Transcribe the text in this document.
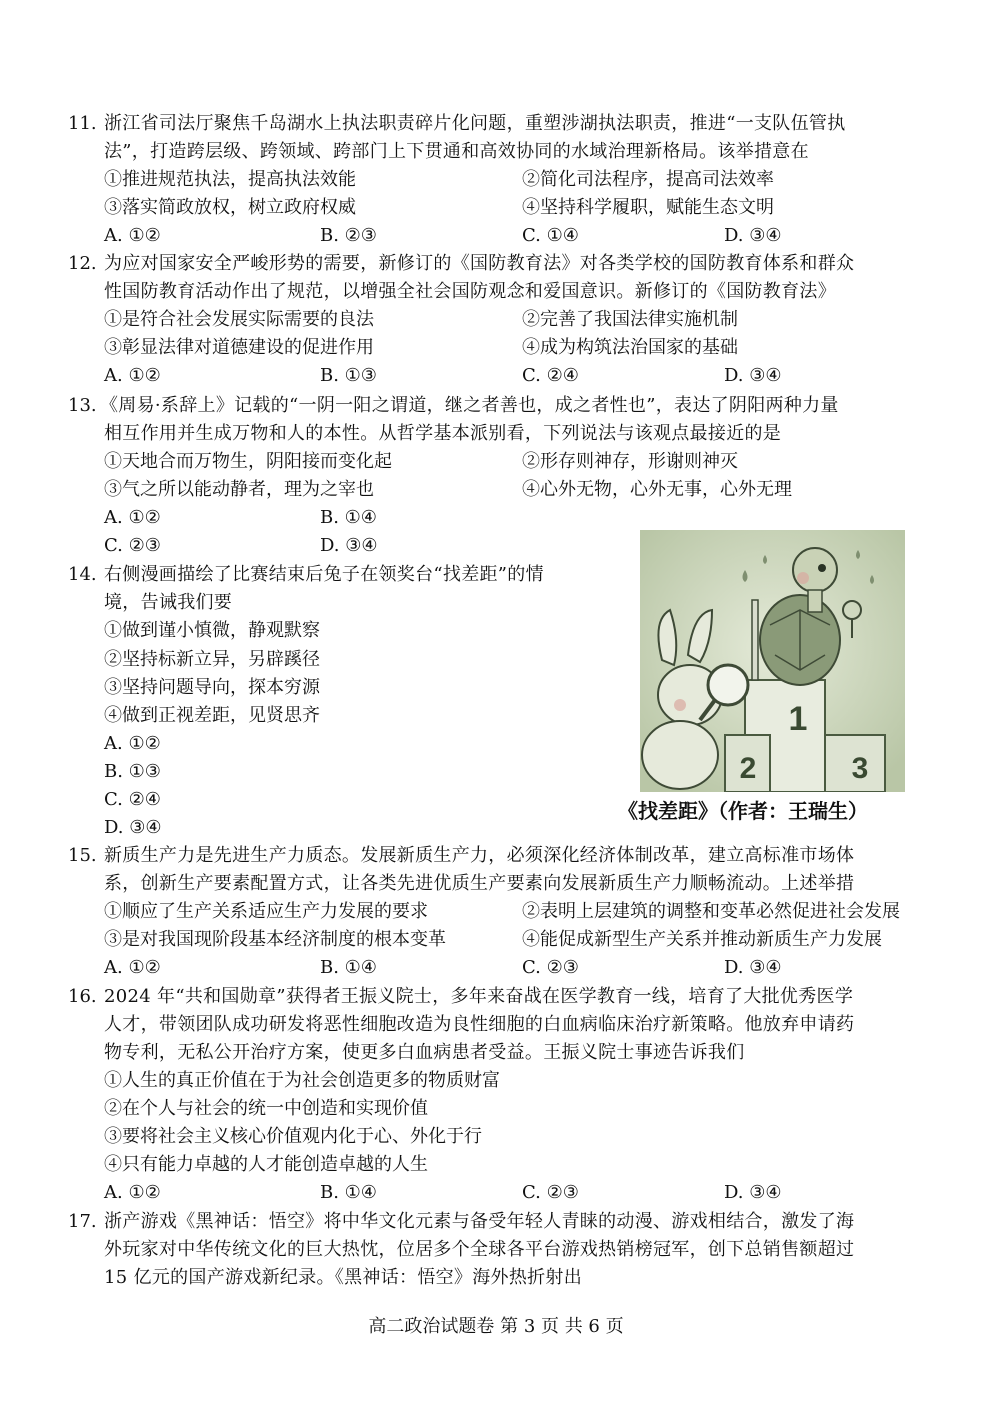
11. 浙江省司法厅聚焦千岛湖水上执法职责碎片化问题，重塑涉湖执法职责，推进“一支队伍管执
法”，打造跨层级、跨领域、跨部门上下贯通和高效协同的水域治理新格局。该举措意在
①推进规范执法，提高执法效能	②简化司法程序，提高司法效率
③落实简政放权，树立政府权威	④坚持科学履职，赋能生态文明
A. ①②	B. ②③	C. ①④	D. ③④
12. 为应对国家安全严峻形势的需要，新修订的《国防教育法》对各类学校的国防教育体系和群众
性国防教育活动作出了规范，以增强全社会国防观念和爱国意识。新修订的《国防教育法》
①是符合社会发展实际需要的良法	②完善了我国法律实施机制
③彰显法律对道德建设的促进作用	④成为构筑法治国家的基础
A. ①②	B. ①③	C. ②④	D. ③④
13. 《周易·系辞上》记载的“一阴一阳之谓道，继之者善也，成之者性也”，表达了阴阳两种力量
相互作用并生成万物和人的本性。从哲学基本派别看，下列说法与该观点最接近的是
①天地合而万物生，阴阳接而变化起	②形存则神存，形谢则神灭
③气之所以能动静者，理为之宰也	④心外无物，心外无事，心外无理
A. ①②	B. ①④
C. ②③	D. ③④
14. 右侧漫画描绘了比赛结束后兔子在领奖台“找差距”的情
境，告诫我们要
①做到谨小慎微，静观默察
②坚持标新立异，另辟蹊径
③坚持问题导向，探本穷源
④做到正视差距，见贤思齐
A. ①②
B. ①③
C. ②④
D. ③④
1
2	3
《找差距》（作者：王瑞生）
15. 新质生产力是先进生产力质态。发展新质生产力，必须深化经济体制改革，建立高标准市场体
系，创新生产要素配置方式，让各类先进优质生产要素向发展新质生产力顺畅流动。上述举措
①顺应了生产关系适应生产力发展的要求	②表明上层建筑的调整和变革必然促进社会发展
③是对我国现阶段基本经济制度的根本变革	④能促成新型生产关系并推动新质生产力发展
A. ①②	B. ①④	C. ②③	D. ③④
16. 2024 年“共和国勋章”获得者王振义院士，多年来奋战在医学教育一线，培育了大批优秀医学
人才，带领团队成功研发将恶性细胞改造为良性细胞的白血病临床治疗新策略。他放弃申请药
物专利，无私公开治疗方案，使更多白血病患者受益。王振义院士事迹告诉我们
①人生的真正价值在于为社会创造更多的物质财富
②在个人与社会的统一中创造和实现价值
③要将社会主义核心价值观内化于心、外化于行
④只有能力卓越的人才能创造卓越的人生
A. ①②	B. ①④	C. ②③	D. ③④
17. 浙产游戏《黑神话：悟空》将中华文化元素与备受年轻人青睐的动漫、游戏相结合，激发了海
外玩家对中华传统文化的巨大热忱，位居多个全球各平台游戏热销榜冠军，创下总销售额超过
15 亿元的国产游戏新纪录。《黑神话：悟空》海外热折射出
高二政治试题卷 第 3 页 共 6 页
